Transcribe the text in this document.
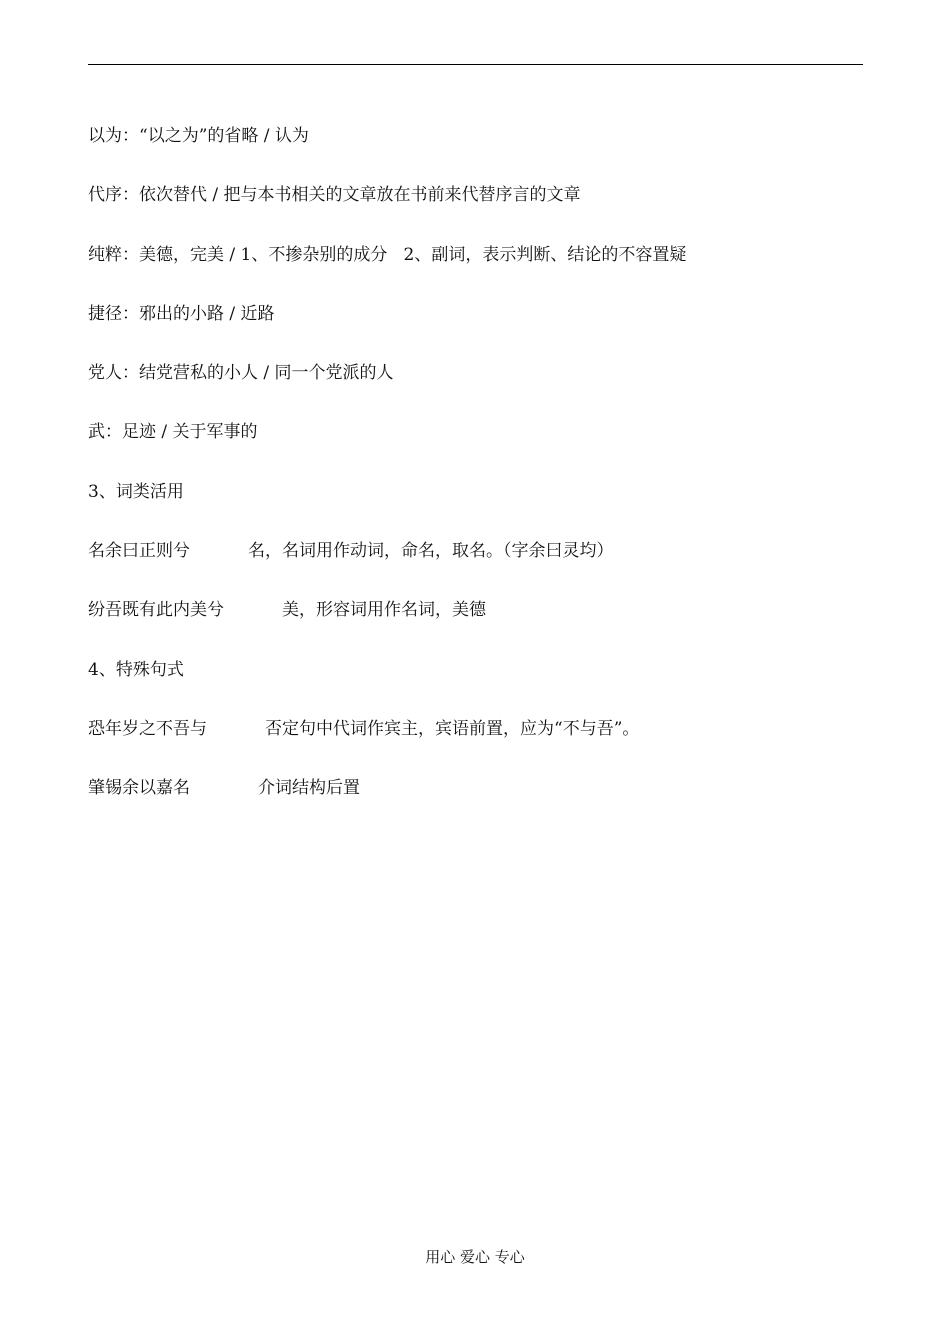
以为：“以之为”的省略 / 认为
代序：依次替代 / 把与本书相关的文章放在书前来代替序言的文章
纯粹：美德，完美 / 1、不掺杂别的成分   2、副词，表示判断、结论的不容置疑
捷径：邪出的小路 / 近路
党人：结党营私的小人 / 同一个党派的人
武：足迹 / 关于军事的
3、词类活用
名余曰正则兮	名，名词用作动词，命名，取名。（字余曰灵均）
纷吾既有此内美兮	美，形容词用作名词，美德
4、特殊句式
恐年岁之不吾与	否定句中代词作宾主，宾语前置，应为“不与吾”。
肇锡余以嘉名	介词结构后置
用心 爱心 专心
